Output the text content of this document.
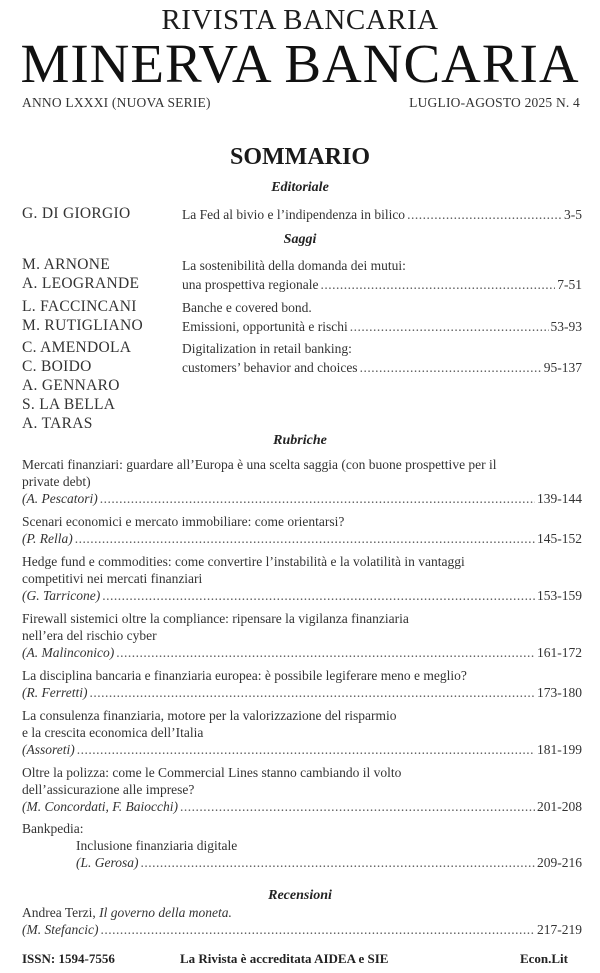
RIVISTA BANCARIA
MINERVA BANCARIA
ANNO LXXXI (NUOVA SERIE)	LUGLIO-AGOSTO 2025 N. 4
SOMMARIO
Editoriale
G. DI GIORGIO	La Fed al bivio e l’indipendenza in bilico .....	3-5
Saggi
M. ARNONE
A. LEOGRANDE
La sostenibilità della domanda dei mutui:
una prospettiva regionale .....	7-51
L. FACCINCANI
M. RUTIGLIANO
Banche e covered bond.
Emissioni, opportunità e rischi .....	53-93
C. AMENDOLA
C. BOIDO
A. GENNARO
S. LA BELLA
A. TARAS
Digitalization in retail banking:
customers’ behavior and choices .....	95-137
Rubriche
Mercati finanziari: guardare all’Europa è una scelta saggia (con buone prospettive per il
private debt)
(A. Pescatori) .....	139-144
Scenari economici e mercato immobiliare: come orientarsi?
(P. Rella) .....	145-152
Hedge fund e commodities: come convertire l’instabilità e la volatilità in vantaggi
competitivi nei mercati finanziari
(G. Tarricone) .....	153-159
Firewall sistemici oltre la compliance: ripensare la vigilanza finanziaria
nell’era del rischio cyber
(A. Malinconico) .....	161-172
La disciplina bancaria e finanziaria europea: è possibile legiferare meno e meglio?
(R. Ferretti) .....	173-180
La consulenza finanziaria, motore per la valorizzazione del risparmio
e la crescita economica dell’Italia
(Assoreti) .....	181-199
Oltre la polizza: come le Commercial Lines stanno cambiando il volto
dell’assicurazione alle imprese?
(M. Concordati, F. Baiocchi) .....	201-208
Bankpedia:
Inclusione finanziaria digitale
(L. Gerosa) .....	209-216
Recensioni
Andrea Terzi, Il governo della moneta.
(M. Stefancic) .....	217-219
ISSN: 1594-7556	La Rivista è accreditata AIDEA e SIE	Econ.Lit
